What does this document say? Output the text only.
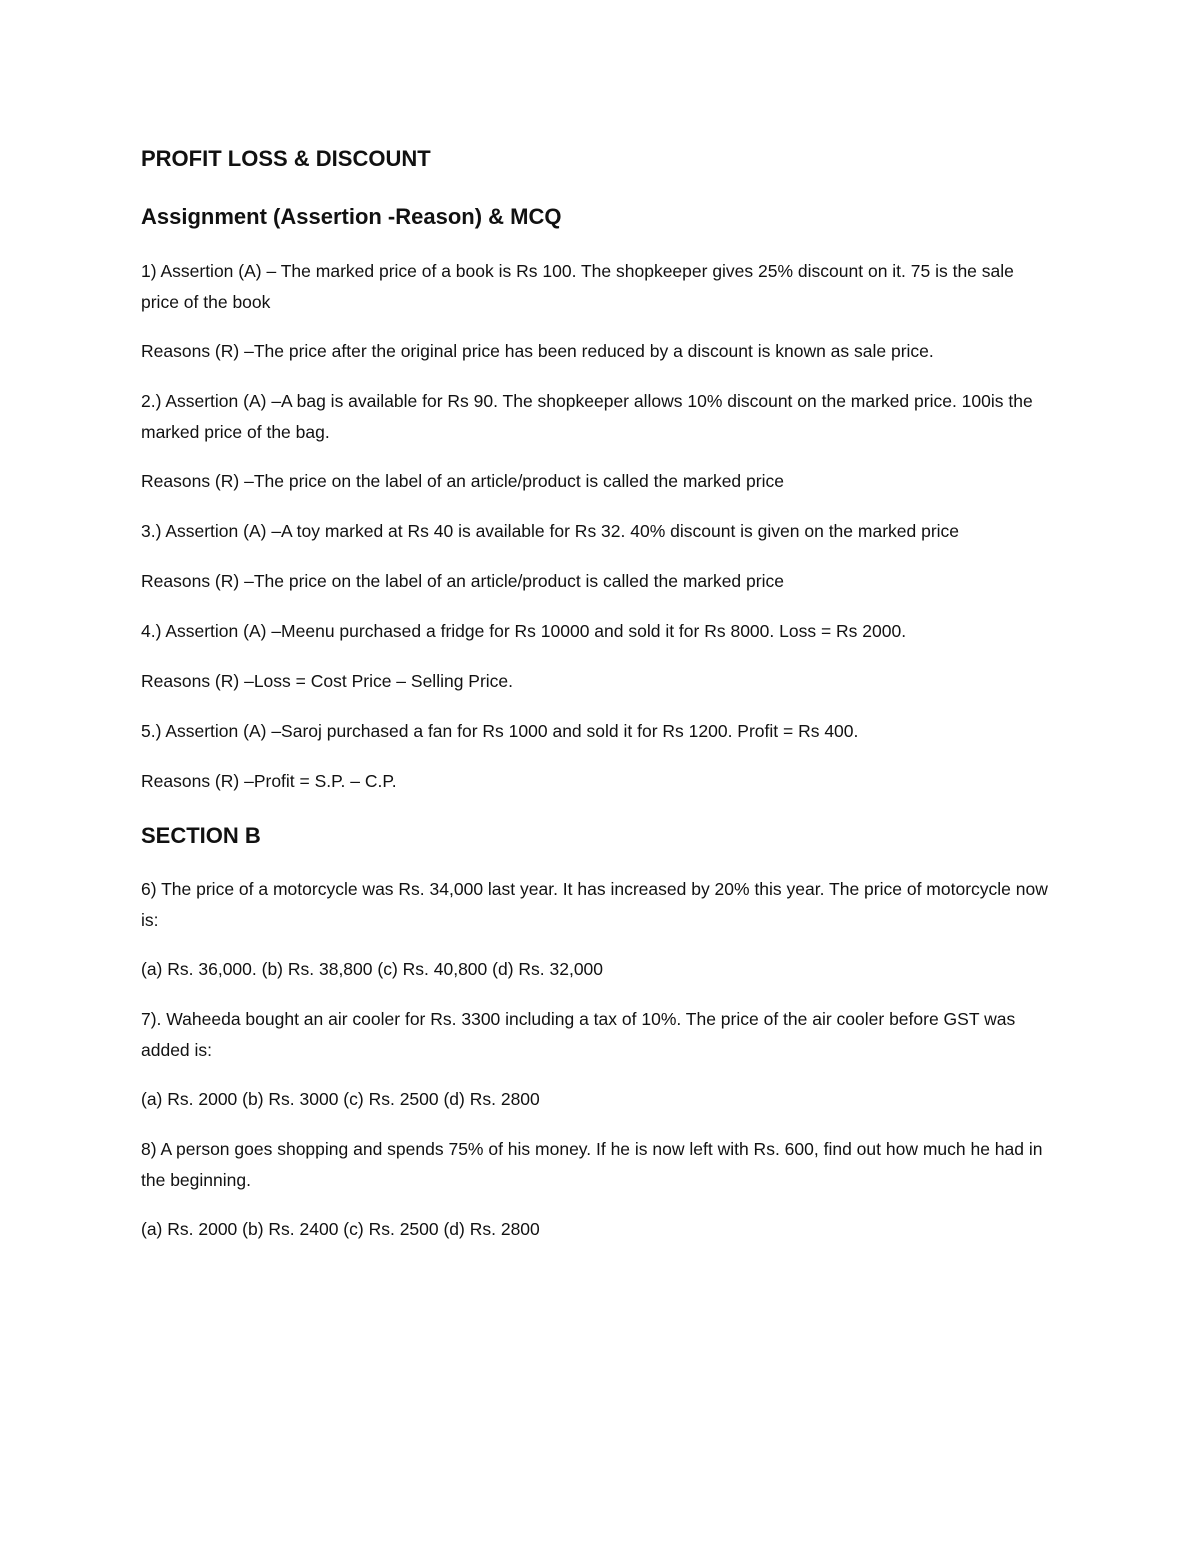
PROFIT LOSS & DISCOUNT
Assignment (Assertion -Reason) & MCQ

1) Assertion (A) – The marked price of a book is Rs 100. The shopkeeper gives 25% discount on it. 75 is the sale price of the book

Reasons (R) –The price after the original price has been reduced by a discount is known as sale price.

2.) Assertion (A) –A bag is available for Rs 90. The shopkeeper allows 10% discount on the marked price. 100is the marked price of the bag.

Reasons (R) –The price on the label of an article/product is called the marked price

3.) Assertion (A) –A toy marked at Rs 40 is available for Rs 32. 40% discount is given on the marked price

Reasons (R) –The price on the label of an article/product is called the marked price

4.) Assertion (A) –Meenu purchased a fridge for Rs 10000 and sold it for Rs 8000. Loss = Rs 2000.

Reasons (R) –Loss = Cost Price – Selling Price.

5.) Assertion (A) –Saroj purchased a fan for Rs 1000 and sold it for Rs 1200. Profit = Rs 400.

Reasons (R) –Profit = S.P. – C.P.

SECTION B

6) The price of a motorcycle was Rs. 34,000 last year. It has increased by 20% this year. The price of motorcycle now is:

(a) Rs. 36,000. (b) Rs. 38,800 (c) Rs. 40,800 (d) Rs. 32,000

7). Waheeda bought an air cooler for Rs. 3300 including a tax of 10%. The price of the air cooler before GST was added is:

(a) Rs. 2000 (b) Rs. 3000 (c) Rs. 2500 (d) Rs. 2800

8) A person goes shopping and spends 75% of his money. If he is now left with Rs. 600, find out how much he had in the beginning.

(a) Rs. 2000 (b) Rs. 2400 (c) Rs. 2500 (d) Rs. 2800
